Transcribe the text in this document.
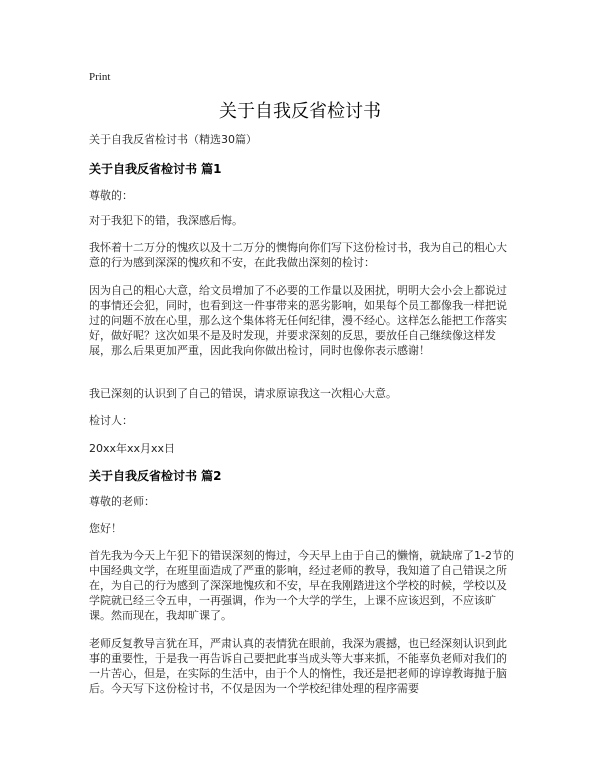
Print
关于自我反省检讨书

关于自我反省检讨书（精选30篇）

关于自我反省检讨书 篇1

尊敬的：

对于我犯下的错，我深感后悔。

我怀着十二万分的愧疚以及十二万分的懊悔向你们写下这份检讨书，我为自己的粗心大意的行为感到深深的愧疚和不安，在此我做出深刻的检讨：

因为自己的粗心大意，给文员增加了不必要的工作量以及困扰，明明大会小会上都说过的事情还会犯，同时，也看到这一件事带来的恶劣影响，如果每个员工都像我一样把说过的问题不放在心里，那么这个集体将无任何纪律，漫不经心。这样怎么能把工作落实好，做好呢？这次如果不是及时发现，并要求深刻的反思，要放任自己继续像这样发展，那么后果更加严重，因此我向你做出检讨，同时也像你表示感谢！

我已深刻的认识到了自己的错误，请求原谅我这一次粗心大意。

检讨人：

20xx年xx月xx日

关于自我反省检讨书 篇2

尊敬的老师：

您好！

首先我为今天上午犯下的错误深刻的悔过，今天早上由于自己的懒惰，就缺席了1-2节的中国经典文学，在班里面造成了严重的影响，经过老师的教导，我知道了自己错误之所在，为自己的行为感到了深深地愧疚和不安，早在我刚踏进这个学校的时候，学校以及学院就已经三令五申，一再强调，作为一个大学的学生，上课不应该迟到，不应该旷课。然而现在，我却旷课了。

老师反复教导言犹在耳，严肃认真的表情犹在眼前，我深为震撼，也已经深刻认识到此事的重要性，于是我一再告诉自己要把此事当成头等大事来抓，不能辜负老师对我们的一片苦心，但是，在实际的生活中，由于个人的惰性，我还是把老师的谆谆教诲抛于脑后。今天写下这份检讨书，不仅是因为一个学校纪律处理的程序需要
